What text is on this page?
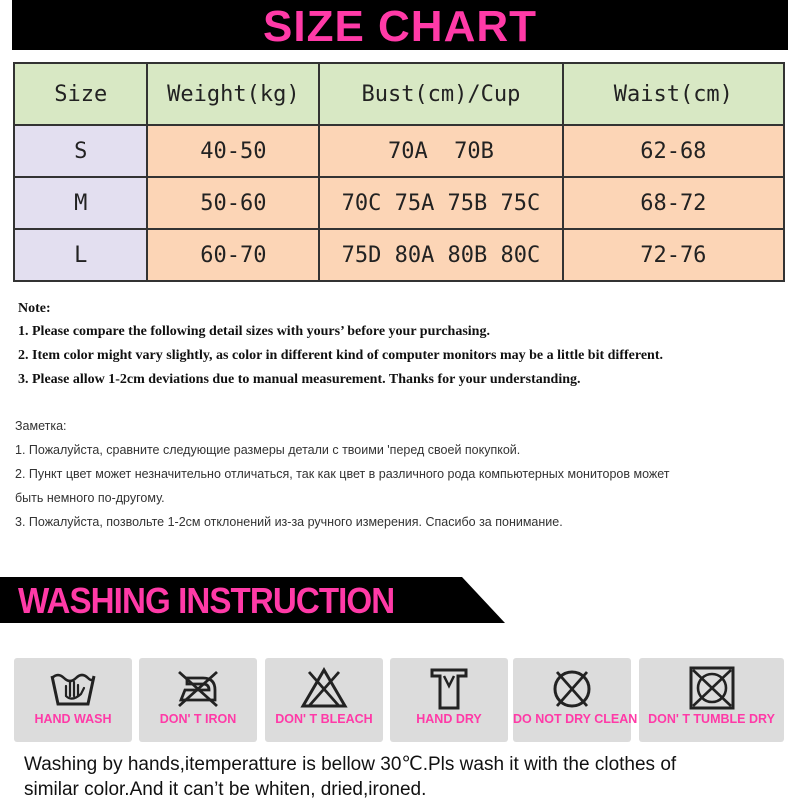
SIZE CHART
Size	Weight(kg)	Bust(cm)/Cup	Waist(cm)
S	40-50	70A  70B	62-68
M	50-60	70C 75A 75B 75C	68-72
L	60-70	75D 80A 80B 80C	72-76
Note:
1. Please compare the following detail sizes with yours’ before your purchasing.
2. Item color might vary slightly, as color in different kind of computer monitors may be a little bit different.
3. Please allow 1-2cm deviations due to manual measurement. Thanks for your understanding.
Заметка:
1. Пожалуйста, сравните следующие размеры детали с твоими 'перед своей покупкой.
2. Пункт цвет может незначительно отличаться, так как цвет в различного рода компьютерных мониторов может
быть немного по-другому.
3. Пожалуйста, позвольте 1-2см отклонений из-за ручного измерения. Спасибо за понимание.
WASHING INSTRUCTION
HAND WASH	DON' T IRON	DON' T BLEACH	HAND DRY	DO NOT DRY CLEAN DON' T TUMBLE DRY
Washing by hands,itemperatture is bellow 30℃.Pls wash it with the clothes of
similar color.And it can’t be whiten, dried,ironed.
